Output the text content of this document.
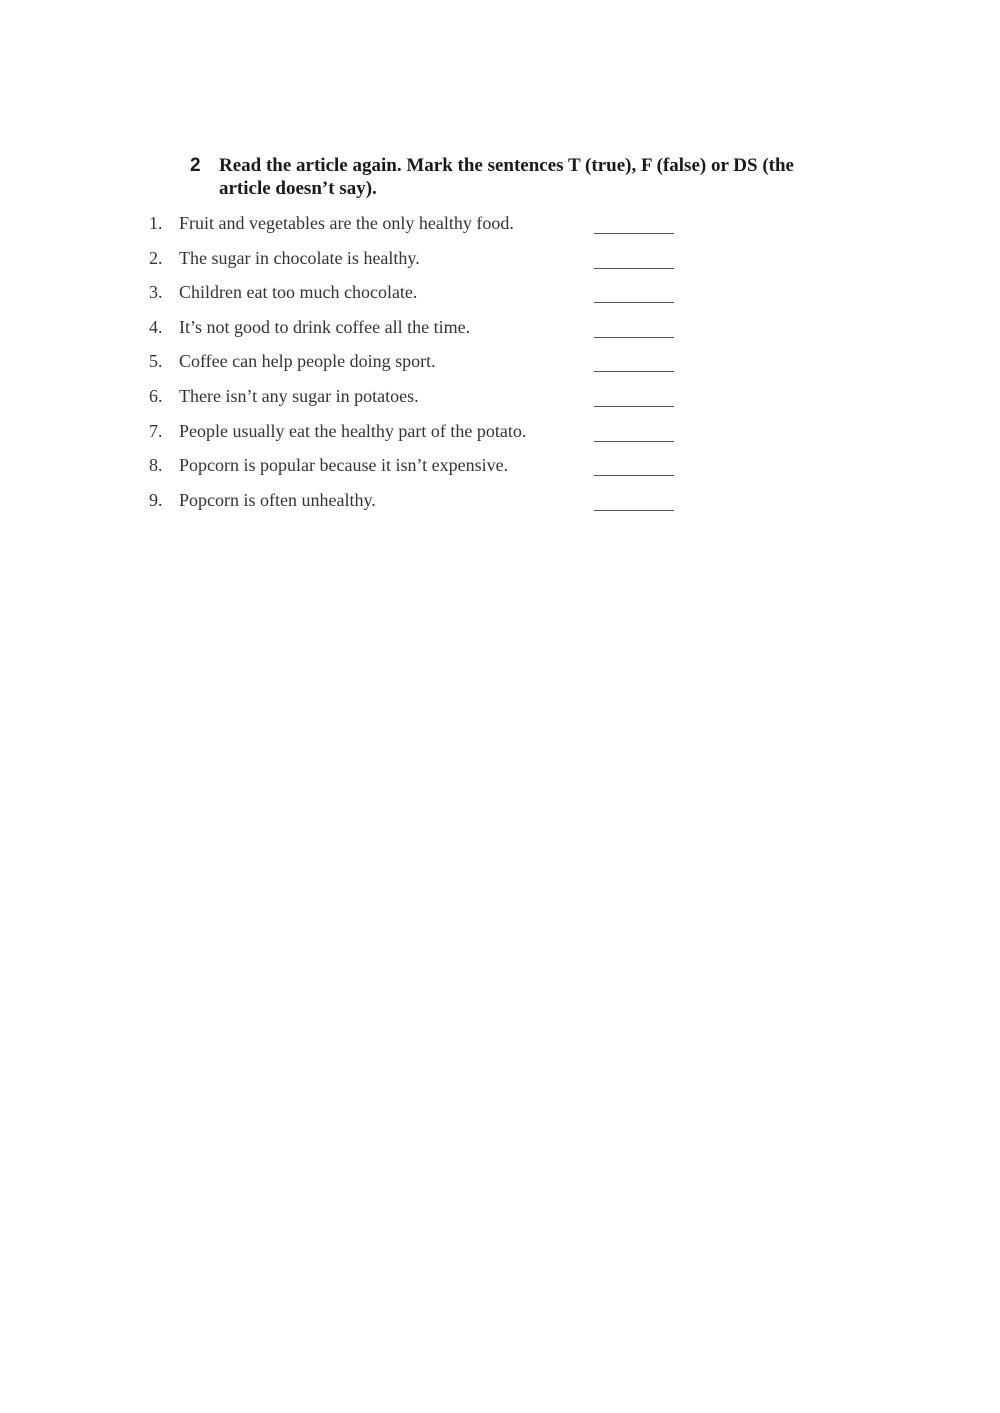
2 Read the article again. Mark the sentences T (true), F (false) or DS (the article doesn’t say).
1. Fruit and vegetables are the only healthy food.
2. The sugar in chocolate is healthy.
3. Children eat too much chocolate.
4. It’s not good to drink coffee all the time.
5. Coffee can help people doing sport.
6. There isn’t any sugar in potatoes.
7. People usually eat the healthy part of the potato.
8. Popcorn is popular because it isn’t expensive.
9. Popcorn is often unhealthy.
